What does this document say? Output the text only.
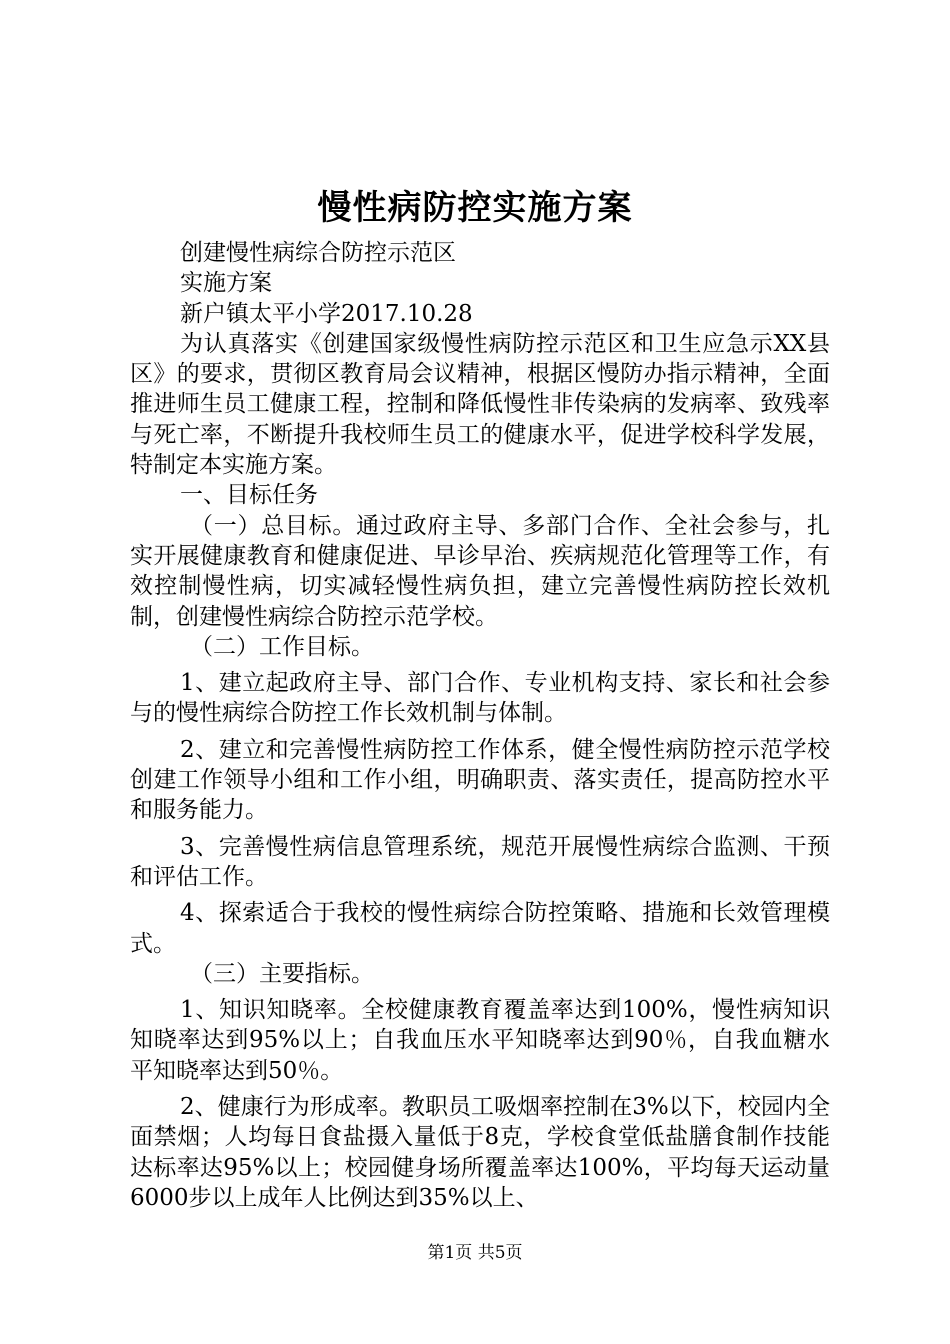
慢性病防控实施方案

创建慢性病综合防控示范区

实施方案

新户镇太平小学2017.10.28

为认真落实《创建国家级慢性病防控示范区和卫生应急示XX县区》的要求，贯彻区教育局会议精神，根据区慢防办指示精神，全面推进师生员工健康工程，控制和降低慢性非传染病的发病率、致残率与死亡率，不断提升我校师生员工的健康水平，促进学校科学发展，特制定本实施方案。

一、目标任务

（一）总目标。通过政府主导、多部门合作、全社会参与，扎实开展健康教育和健康促进、早诊早治、疾病规范化管理等工作，有效控制慢性病，切实减轻慢性病负担，建立完善慢性病防控长效机制，创建慢性病综合防控示范学校。

（二）工作目标。

1、建立起政府主导、部门合作、专业机构支持、家长和社会参与的慢性病综合防控工作长效机制与体制。

2、建立和完善慢性病防控工作体系，健全慢性病防控示范学校创建工作领导小组和工作小组，明确职责、落实责任，提高防控水平和服务能力。

3、完善慢性病信息管理系统，规范开展慢性病综合监测、干预和评估工作。

4、探索适合于我校的慢性病综合防控策略、措施和长效管理模式。

（三）主要指标。

1、知识知晓率。全校健康教育覆盖率达到100%，慢性病知识知晓率达到95%以上；自我血压水平知晓率达到90％，自我血糖水平知晓率达到50％。

2、健康行为形成率。教职员工吸烟率控制在3%以下，校园内全面禁烟；人均每日食盐摄入量低于8克，学校食堂低盐膳食制作技能达标率达95%以上；校园健身场所覆盖率达100%，平均每天运动量6000步以上成年人比例达到35%以上、

第1页 共5页
